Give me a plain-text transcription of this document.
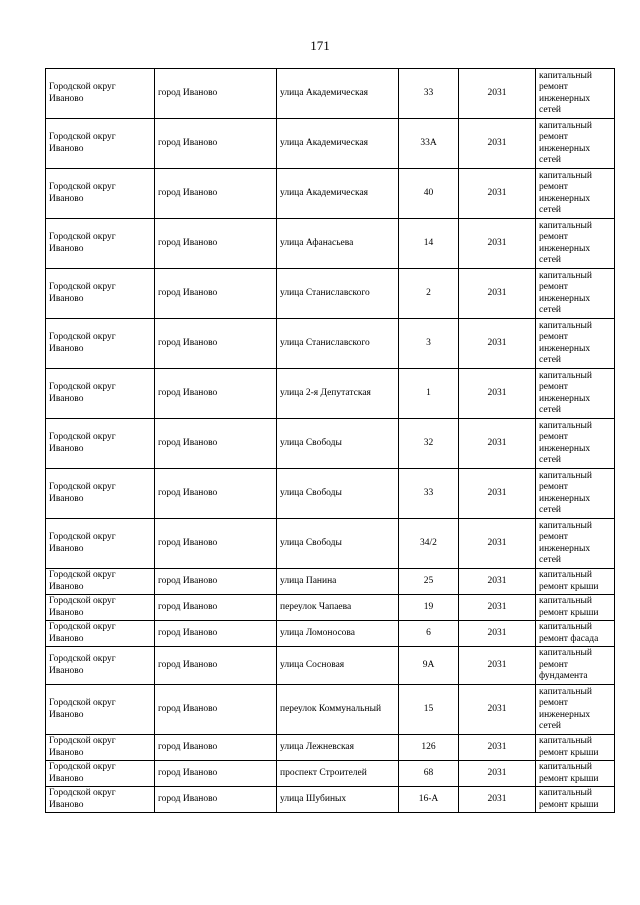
171
Городской округ Иваново	город Иваново	улица Академическая	33	2031	капитальный ремонт инженерных сетей
Городской округ Иваново	город Иваново	улица Академическая	33А	2031	капитальный ремонт инженерных сетей
Городской округ Иваново	город Иваново	улица Академическая	40	2031	капитальный ремонт инженерных сетей
Городской округ Иваново	город Иваново	улица Афанасьева	14	2031	капитальный ремонт инженерных сетей
Городской округ Иваново	город Иваново	улица Станиславского	2	2031	капитальный ремонт инженерных сетей
Городской округ Иваново	город Иваново	улица Станиславского	3	2031	капитальный ремонт инженерных сетей
Городской округ Иваново	город Иваново	улица 2-я Депутатская	1	2031	капитальный ремонт инженерных сетей
Городской округ Иваново	город Иваново	улица Свободы	32	2031	капитальный ремонт инженерных сетей
Городской округ Иваново	город Иваново	улица Свободы	33	2031	капитальный ремонт инженерных сетей
Городской округ Иваново	город Иваново	улица Свободы	34/2	2031	капитальный ремонт инженерных сетей
Городской округ Иваново	город Иваново	улица Панина	25	2031	капитальный ремонт крыши
Городской округ Иваново	город Иваново	переулок Чапаева	19	2031	капитальный ремонт крыши
Городской округ Иваново	город Иваново	улица Ломоносова	6	2031	капитальный ремонт фасада
Городской округ Иваново	город Иваново	улица Сосновая	9А	2031	капитальный ремонт фундамента
Городской округ Иваново	город Иваново	переулок Коммунальный	15	2031	капитальный ремонт инженерных сетей
Городской округ Иваново	город Иваново	улица Лежневская	126	2031	капитальный ремонт крыши
Городской округ Иваново	город Иваново	проспект Строителей	68	2031	капитальный ремонт крыши
Городской округ Иваново	город Иваново	улица Шубиных	16-А	2031	капитальный ремонт крыши
